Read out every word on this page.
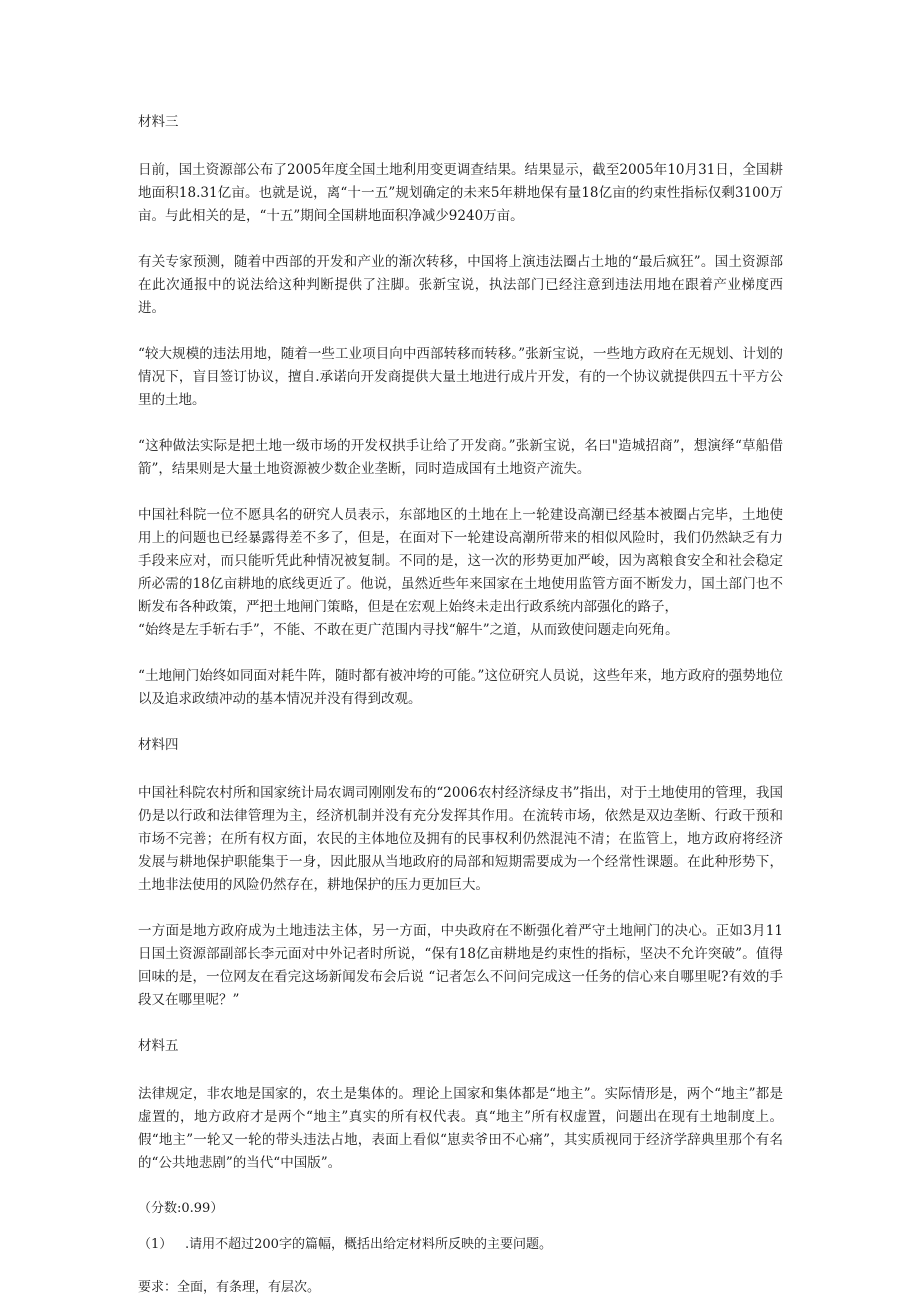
材料三
日前，国土资源部公布了2005年度全国土地利用变更调查结果。结果显示，截至2005年10月31日，全国耕地面积18.31亿亩。也就是说，离“十一五”规划确定的未来5年耕地保有量18亿亩的约束性指标仅剩3100万亩。与此相关的是，“十五”期间全国耕地面积净减少9240万亩。
有关专家预测，随着中西部的开发和产业的渐次转移，中国将上演违法圈占土地的“最后疯狂”。国土资源部在此次通报中的说法给这种判断提供了注脚。张新宝说，执法部门已经注意到违法用地在跟着产业梯度西进。
“较大规模的违法用地，随着一些工业项目向中西部转移而转移。”张新宝说，一些地方政府在无规划、计划的情况下，盲目签订协议，擅自.承诺向开发商提供大量土地进行成片开发，有的一个协议就提供四五十平方公里的土地。
“这种做法实际是把土地一级市场的开发权拱手让给了开发商。”张新宝说，名曰"造城招商”，想演绎“草船借箭”，结果则是大量土地资源被少数企业垄断，同时造成国有土地资产流失。
中国社科院一位不愿具名的研究人员表示，东部地区的土地在上一轮建设高潮已经基本被圈占完毕，土地使用上的问题也已经暴露得差不多了，但是，在面对下一轮建设高潮所带来的相似风险时，我们仍然缺乏有力手段来应对，而只能听凭此种情况被复制。不同的是，这一次的形势更加严峻，因为离粮食安全和社会稳定所必需的18亿亩耕地的底线更近了。他说，虽然近些年来国家在土地使用监管方面不断发力，国土部门也不断发布各种政策，严把土地闸门策略，但是在宏观上始终未走出行政系统内部强化的路子，
“始终是左手斩右手”，不能、不敢在更广范围内寻找“解牛”之道，从而致使问题走向死角。
“土地闸门始终如同面对耗牛阵，随时都有被冲垮的可能。”这位研究人员说，这些年来，地方政府的强势地位以及追求政绩冲动的基本情况并没有得到改观。
材料四
中国社科院农村所和国家统计局农调司刚刚发布的“2006农村经济绿皮书”指出，对于土地使用的管理，我国仍是以行政和法律管理为主，经济机制并没有充分发挥其作用。在流转市场，依然是双边垄断、行政干预和市场不完善；在所有权方面，农民的主体地位及拥有的民事权利仍然混沌不清；在监管上，地方政府将经济发展与耕地保护职能集于一身，因此服从当地政府的局部和短期需要成为一个经常性课题。在此种形势下，土地非法使用的风险仍然存在，耕地保护的压力更加巨大。
一方面是地方政府成为土地违法主体，另一方面，中央政府在不断强化着严守土地闸门的决心。正如3月11日国土资源部副部长李元面对中外记者时所说，“保有18亿亩耕地是约束性的指标，坚决不允许突破”。值得回味的是，一位网友在看完这场新闻发布会后说 “记者怎么不问问完成这一任务的信心来自哪里呢?有效的手段又在哪里呢？”
材料五
法律规定，非农地是国家的，农土是集体的。理论上国家和集体都是“地主”。实际情形是，两个“地主”都是虚置的，地方政府才是两个“地主”真实的所有权代表。真“地主”所有权虚置，问题出在现有土地制度上。假“地主”一轮又一轮的带头违法占地，表面上看似“崽卖爷田不心痛”，其实质视同于经济学辞典里那个有名的“公共地悲剧”的当代“中国版”。
（分数:0.99）
（1） .请用不超过200字的篇幅，概括出给定材料所反映的主要问题。
要求：全面，有条理，有层次。
